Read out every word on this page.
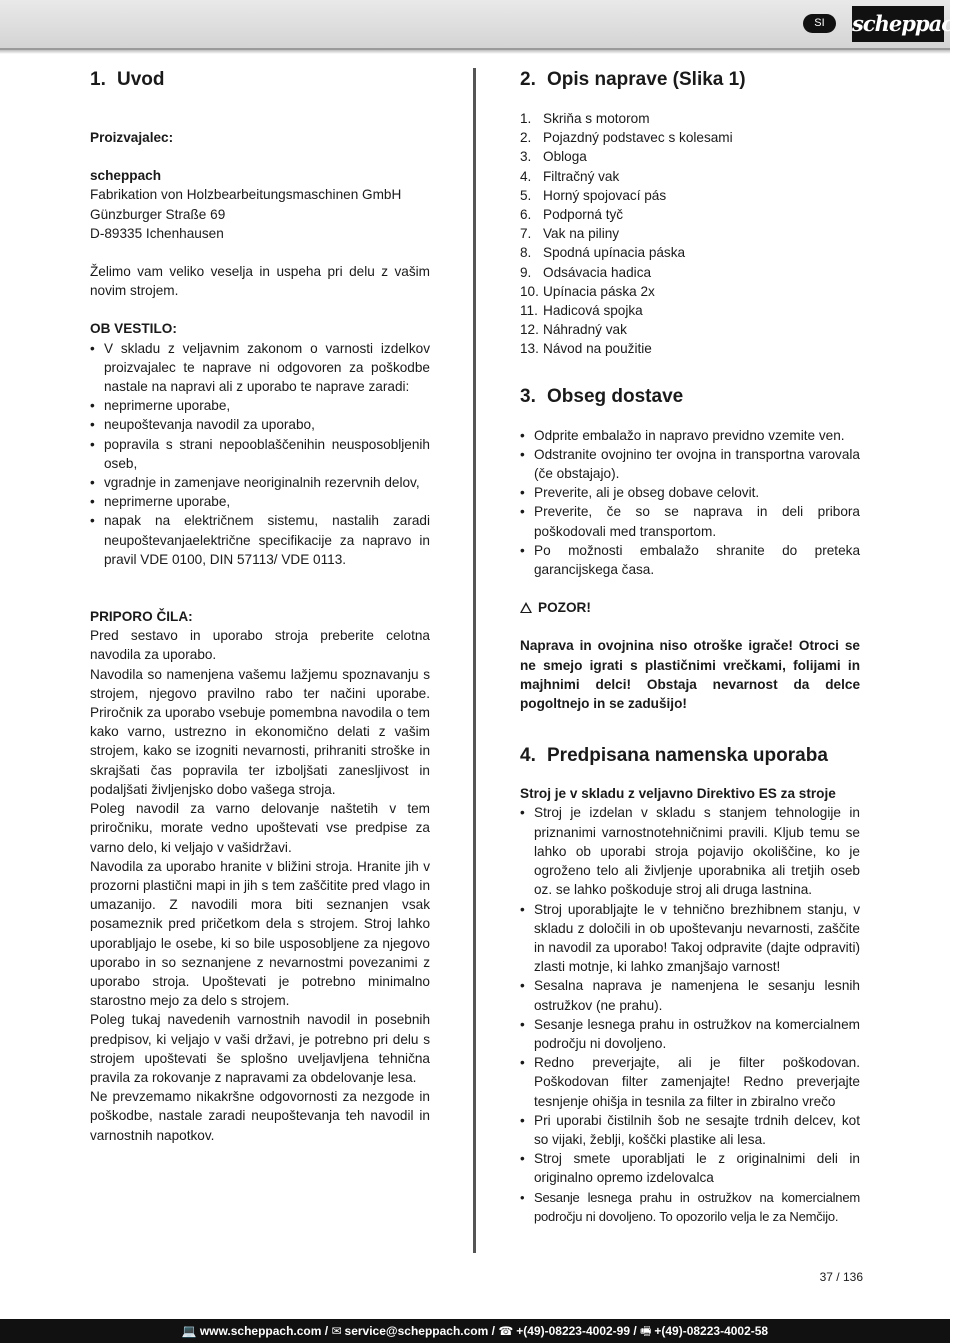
SI	scheppach
1. Uvod
Proizvajalec:
scheppach
Fabrikation von Holzbearbeitungsmaschinen GmbH
Günzburger Straße 69
D-89335 Ichenhausen

Želimo vam veliko veselja in uspeha pri delu z vašim novim strojem.

OB VESTILO:
• V skladu z veljavnim zakonom o varnosti izdelkov proizvajalec te naprave ni odgovoren za poškodbe nastale na napravi ali z uporabo te naprave zaradi:
• neprimerne uporabe,
• neupoštevanja navodil za uporabo,
• popravila s strani nepooblaščenihin neusposobljenih oseb,
• vgradnje in zamenjave neoriginalnih rezervnih delov,
• neprimerne uporabe,
• napak na električnem sistemu, nastalih zaradi neupoštevanjaelektrične specifikacije za napravo in pravil VDE 0100, DIN 57113/ VDE 0113.
PRIPORO ČILA:

Pred sestavo in uporabo stroja preberite celotna navodila za uporabo.

Navodila so namenjena vašemu lažjemu spoznavanju s strojem, njegovo pravilno rabo ter načini uporabe. Priročnik za uporabo vsebuje pomembna navodila o tem kako varno, ustrezno in ekonomično delati z vašim strojem, kako se izogniti nevarnosti, prihraniti stroške in skrajšati čas popravila ter izboljšati zanesljivost in podaljšati življenjsko dobo vašega stroja.

Poleg navodil za varno delovanje naštetih v tem priročniku, morate vedno upoštevati vse predpise za varno delo, ki veljajo v vašidržavi.

Navodila za uporabo hranite v bližini stroja. Hranite jih v prozorni plastični mapi in jih s tem zaščitite pred vlago in umazanijo. Z navodili mora biti seznanjen vsak posameznik pred pričetkom dela s strojem. Stroj lahko uporabljajo le osebe, ki so bile usposobljene za njegovo uporabo in so seznanjene z nevarnostmi povezanimi z uporabo stroja. Upoštevati je potrebno minimalno starostno mejo za delo s strojem.

Poleg tukaj navedenih varnostnih navodil in posebnih predpisov, ki veljajo v vaši državi, je potrebno pri delu s strojem upoštevati še splošno uveljavljena tehnična pravila za rokovanje z napravami za obdelovanje lesa.

Ne prevzemamo nikakršne odgovornosti za nezgode in poškodbe, nastale zaradi neupoštevanja teh navodil in varnostnih napotkov.

2. Opis naprave (Slika 1)
1. Skriňa s motorom
2. Pojazdný podstavec s kolesami
3. Obloga
4. Filtračný vak
5. Horný spojovací pás
6. Podporná tyč
7. Vak na piliny
8. Spodná upínacia páska
9. Odsávacia hadica
10. Upínacia páska 2x
11. Hadicová spojka
12. Náhradný vak
13. Návod na použitie
3. Obseg dostave
• Odprite embalažo in napravo previdno vzemite ven.
• Odstranite ovojnino ter ovojna in transportna varovala (če obstajajo).
• Preverite, ali je obseg dobave celovit.
• Preverite, če so se naprava in deli pribora poškodovali med transportom.
• Po možnosti embalažo shranite do preteka garancijskega časa.
POZOR!

Naprava in ovojnina niso otroške igrače! Otroci se ne smejo igrati s plastičnimi vrečkami, folijami in majhnimi delci! Obstaja nevarnost da delce pogoltnejo in se zadušijo!

4. Predpisana namenska uporaba
Stroj je v skladu z veljavno Direktivo ES za stroje
• Stroj je izdelan v skladu s stanjem tehnologije in priznanimi varnostnotehničnimi pravili. Kljub temu se lahko ob uporabi stroja pojavijo okoliščine, ko je ogroženo telo ali življenje uporabnika ali tretjih oseb oz. se lahko poškoduje stroj ali druga lastnina.
• Stroj uporabljajte le v tehnično brezhibnem stanju, v skladu z določili in ob upoštevanju nevarnosti, zaščite in navodil za uporabo! Takoj odpravite (dajte odpraviti) zlasti motnje, ki lahko zmanjšajo varnost!
• Sesalna naprava je namenjena le sesanju lesnih ostružkov (ne prahu).
• Sesanje lesnega prahu in ostružkov na komercialnem področju ni dovoljeno.
• Redno preverjajte, ali je filter poškodovan. Poškodovan filter zamenjajte! Redno preverjajte tesnjenje ohišja in tesnila za filter in zbiralno vrečo
• Pri uporabi čistilnih šob ne sesajte trdnih delcev, kot so vijaki, žeblji, koščki plastike ali lesa.
• Stroj smete uporabljati le z originalnimi deli in originalno opremo izdelovalca
• Sesanje lesnega prahu in ostružkov na komercialnem področju ni dovoljeno. To opozorilo velja le za Nemčijo.
37 / 136
💻 www.scheppach.com / ✉ service@scheppach.com / ☎ +(49)-08223-4002-99 / 🖷 +(49)-08223-4002-58
